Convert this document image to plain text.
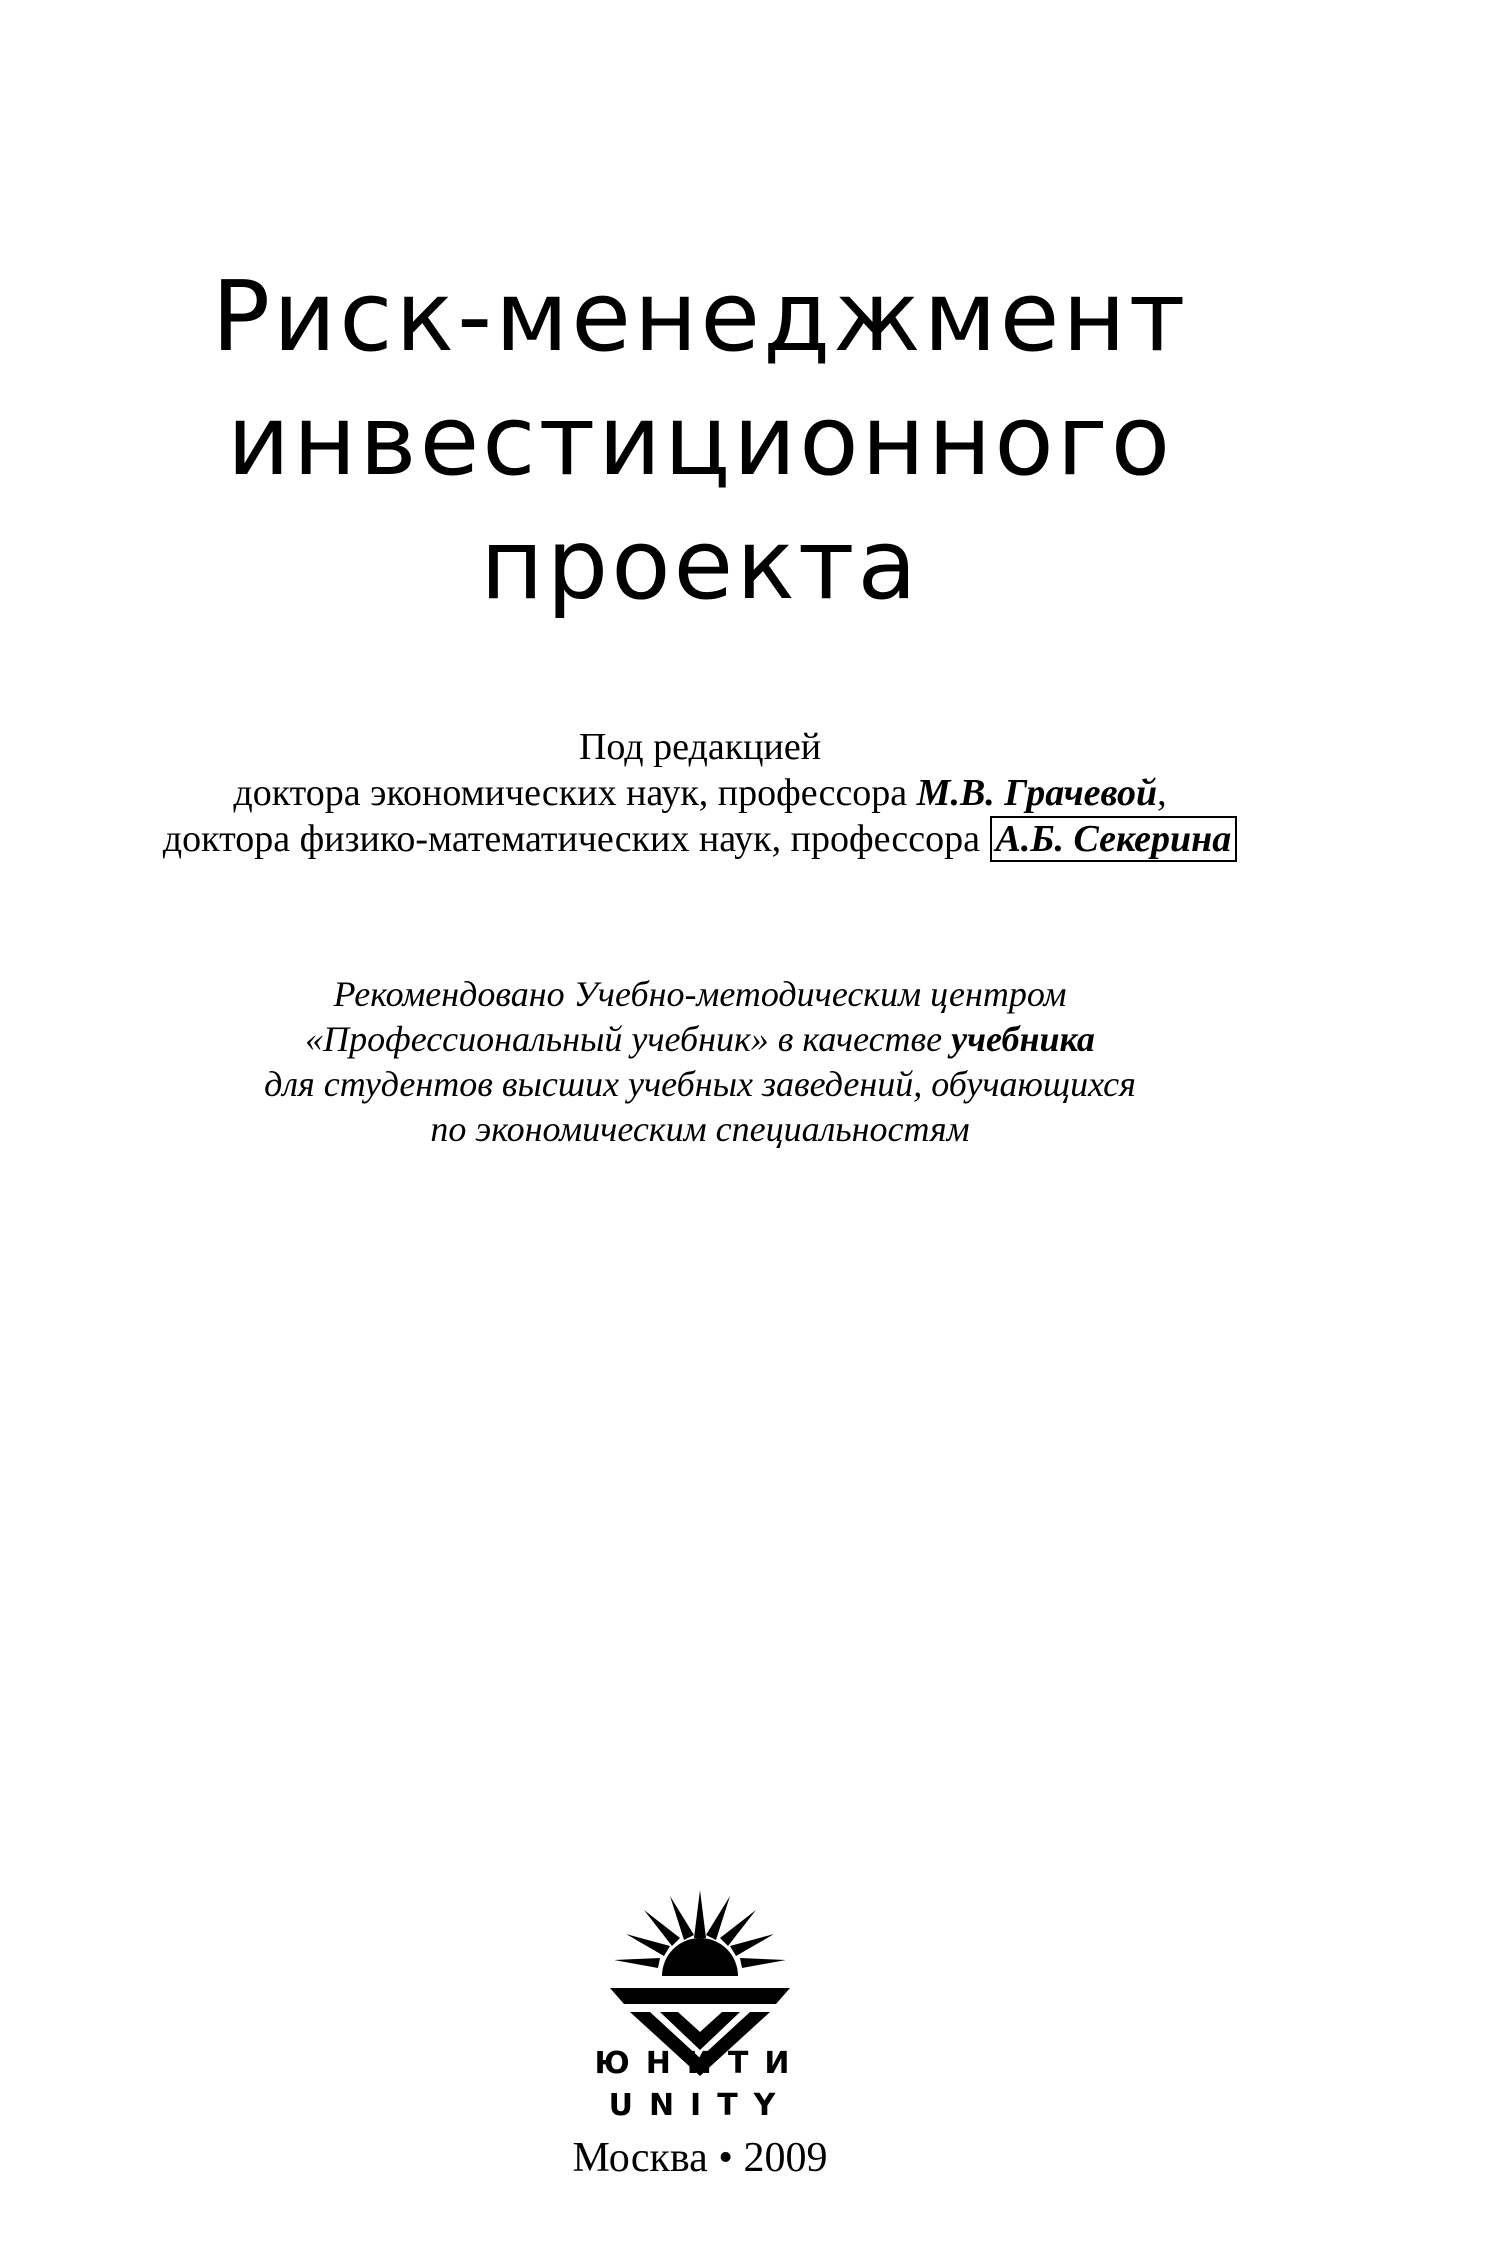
Риск-менеджмент
инвестиционного
проекта
Под редакцией
доктора экономических наук, профессора М.В. Грачевой,
доктора физико-математических наук, профессора А.Б. Секерина
Рекомендовано Учебно-методическим центром
«Профессиональный учебник» в качестве учебника
для студентов высших учебных заведений, обучающихся
по экономическим специальностям
ЮНИТИ
UNITY
Москва • 2009
